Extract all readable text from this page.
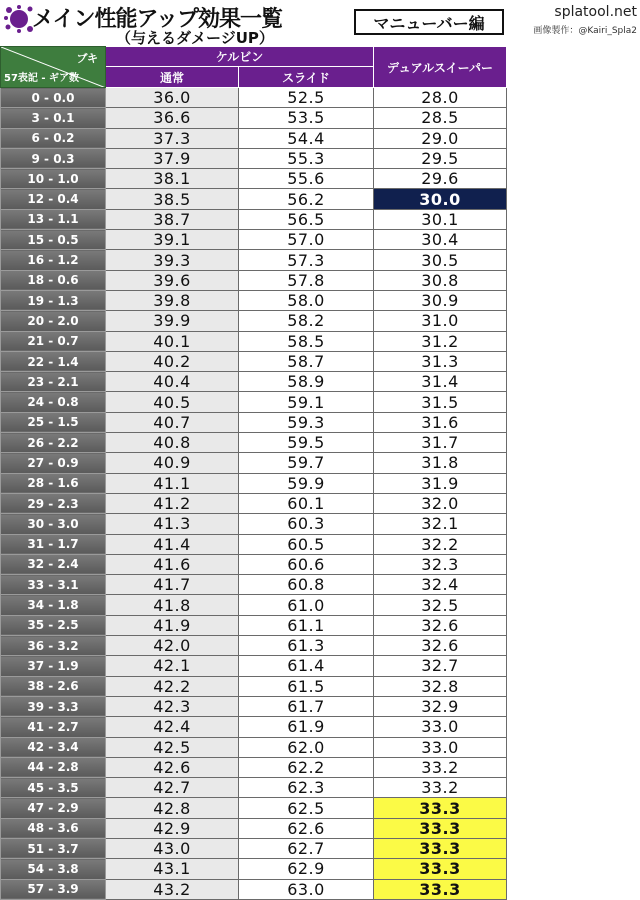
メイン性能アップ効果一覧
（与えるダメージUP）
マニューバー編
splatool.net
画像製作：@Kairi_Spla2
ブキ
57表記 - ギア数	ケルビン		デュアルスイーパー
	通常	スライド	
0 - 0.0	36.0	52.5	28.0
3 - 0.1	36.6	53.5	28.5
6 - 0.2	37.3	54.4	29.0
9 - 0.3	37.9	55.3	29.5
10 - 1.0	38.1	55.6	29.6
12 - 0.4	38.5	56.2	30.0
13 - 1.1	38.7	56.5	30.1
15 - 0.5	39.1	57.0	30.4
16 - 1.2	39.3	57.3	30.5
18 - 0.6	39.6	57.8	30.8
19 - 1.3	39.8	58.0	30.9
20 - 2.0	39.9	58.2	31.0
21 - 0.7	40.1	58.5	31.2
22 - 1.4	40.2	58.7	31.3
23 - 2.1	40.4	58.9	31.4
24 - 0.8	40.5	59.1	31.5
25 - 1.5	40.7	59.3	31.6
26 - 2.2	40.8	59.5	31.7
27 - 0.9	40.9	59.7	31.8
28 - 1.6	41.1	59.9	31.9
29 - 2.3	41.2	60.1	32.0
30 - 3.0	41.3	60.3	32.1
31 - 1.7	41.4	60.5	32.2
32 - 2.4	41.6	60.6	32.3
33 - 3.1	41.7	60.8	32.4
34 - 1.8	41.8	61.0	32.5
35 - 2.5	41.9	61.1	32.6
36 - 3.2	42.0	61.3	32.6
37 - 1.9	42.1	61.4	32.7
38 - 2.6	42.2	61.5	32.8
39 - 3.3	42.3	61.7	32.9
41 - 2.7	42.4	61.9	33.0
42 - 3.4	42.5	62.0	33.0
44 - 2.8	42.6	62.2	33.2
45 - 3.5	42.7	62.3	33.2
47 - 2.9	42.8	62.5	33.3
48 - 3.6	42.9	62.6	33.3
51 - 3.7	43.0	62.7	33.3
54 - 3.8	43.1	62.9	33.3
57 - 3.9	43.2	63.0	33.3
